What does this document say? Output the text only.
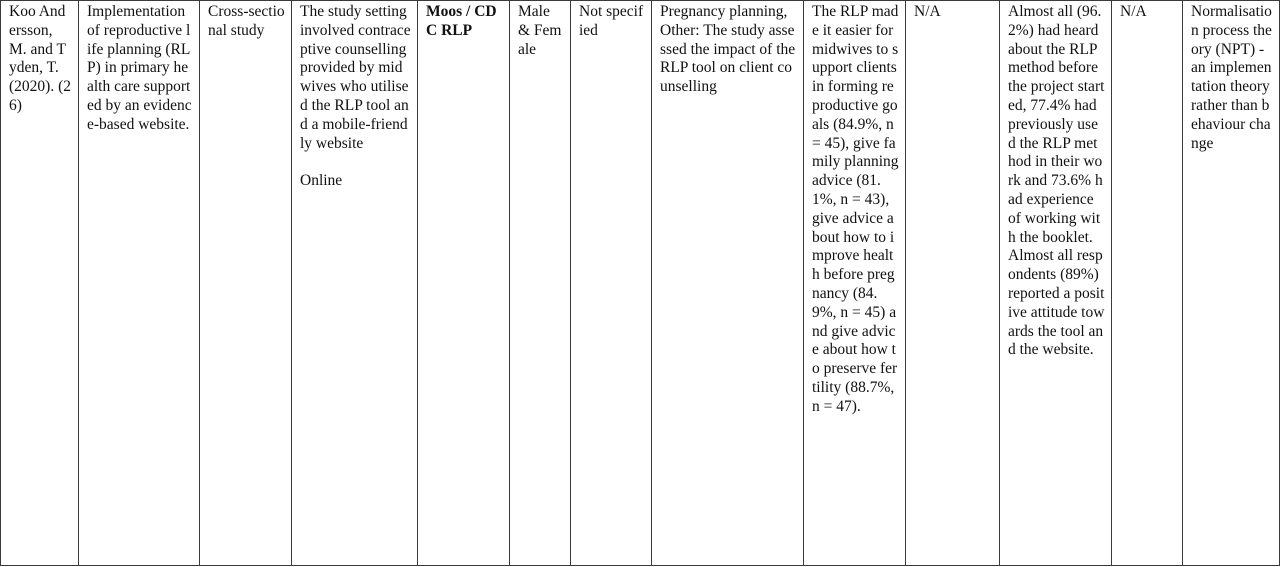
Koo Andersson, M. and Tyden, T. (2020). (26)	Implementation of reproductive life planning (RLP) in primary health care supported by an evidence-based website.	Cross-sectional study	The study setting involved contraceptive counselling provided by midwives who utilised the RLP tool and a mobile-friendly website
Online	Moos / CDC RLP	Male & Female	Not specified	Pregnancy planning, Other: The study assessed the impact of the RLP tool on client counselling	The RLP made it easier for midwives to support clients in forming reproductive goals (84.9%, n = 45), give family planning advice (81.1%, n = 43), give advice about how to improve health before pregnancy (84.9%, n = 45) and give advice about how to preserve fertility (88.7%, n = 47).	N/A	Almost all (96.2%) had heard about the RLP method before the project started, 77.4% had previously used the RLP method in their work and 73.6% had experience of working with the booklet. Almost all respondents (89%) reported a positive attitude towards the tool and the website.	N/A	Normalisation process theory (NPT) - an implementation theory rather than behaviour change
